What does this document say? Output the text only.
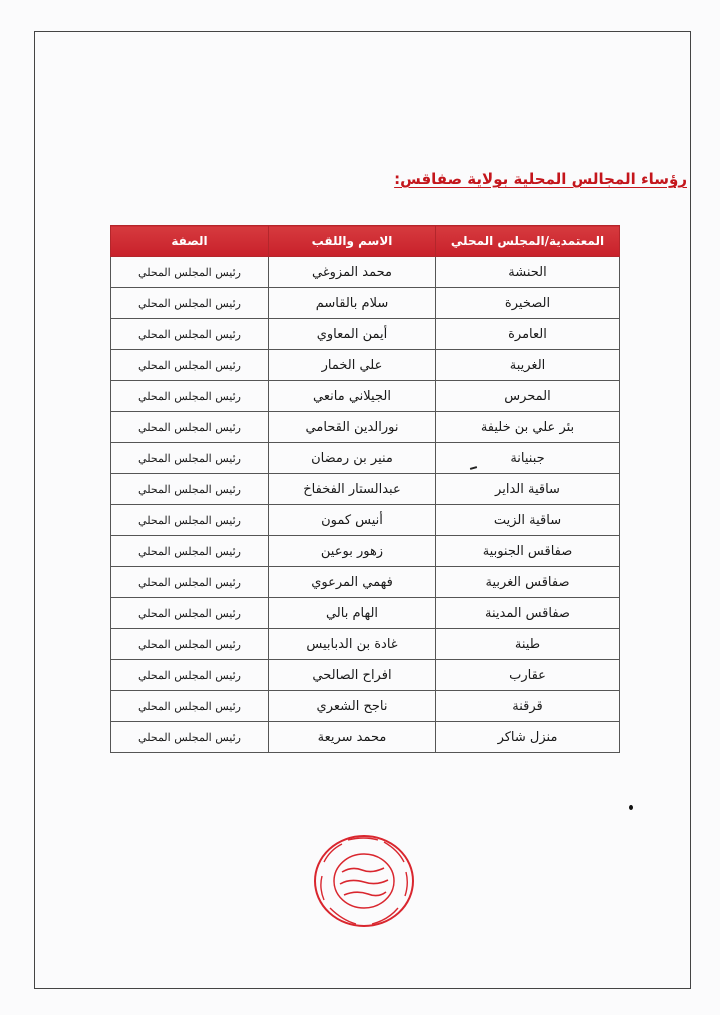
رؤساء المجالس المحلية بولاية صفاقس:
المعتمدية/المجلس المحلي	الاسم واللقب	الصفة
الحنشة	محمد المزوغي	رئيس المجلس المحلي
الصخيرة	سلام بالقاسم	رئيس المجلس المحلي
العامرة	أيمن المعاوي	رئيس المجلس المحلي
الغريبة	علي الخمار	رئيس المجلس المحلي
المحرس	الجيلاني مانعي	رئيس المجلس المحلي
بئر علي بن خليفة	نورالدين القحامي	رئيس المجلس المحلي
جبنيانة	منير بن رمضان	رئيس المجلس المحلي
ساقية الداير	عبدالستار الفخفاخ	رئيس المجلس المحلي
ساقية الزيت	أنيس كمون	رئيس المجلس المحلي
صفاقس الجنوبية	زهور بوعين	رئيس المجلس المحلي
صفاقس الغربية	فهمي المرعوي	رئيس المجلس المحلي
صفاقس المدينة	الهام بالي	رئيس المجلس المحلي
طينة	غادة بن الدبابيس	رئيس المجلس المحلي
عقارب	افراح الصالحي	رئيس المجلس المحلي
قرقنة	ناجح الشعري	رئيس المجلس المحلي
منزل شاكر	محمد سريعة	رئيس المجلس المحلي
